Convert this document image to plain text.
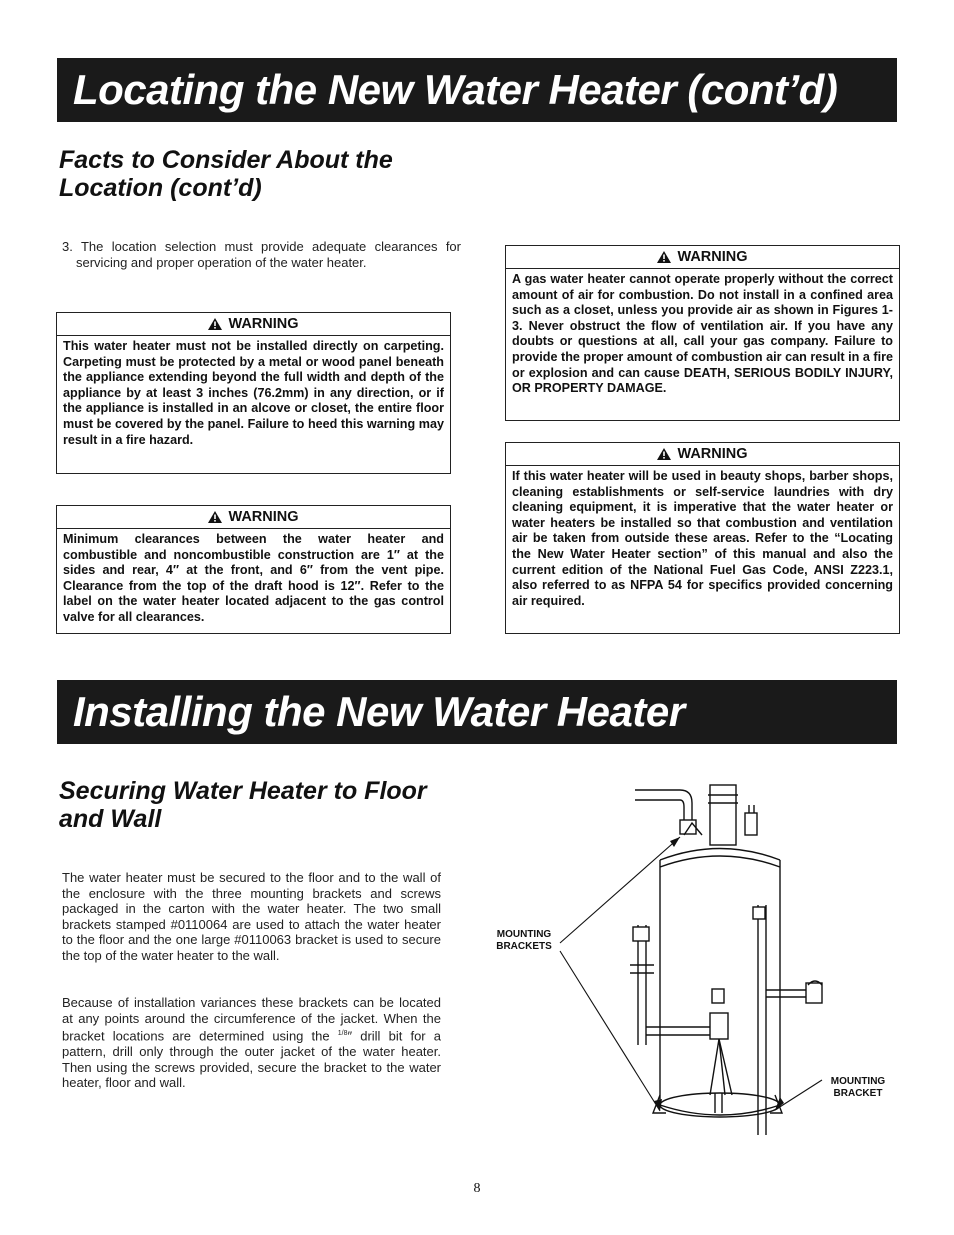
Locating the New Water Heater (cont’d)
Facts to Consider About the
Location (cont’d)
3. The location selection must provide adequate clearances for servicing and proper operation of the water heater.
WARNING
This water heater must not be installed directly on carpeting. Carpeting must be protected by a metal or wood panel beneath the appliance extending beyond the full width and depth of the appliance by at least 3 inches (76.2mm) in any direction, or if the appliance is installed in an alcove or closet, the entire floor must be covered by the panel. Failure to heed this warning may result in a fire hazard.
WARNING
Minimum clearances between the water heater and combustible and noncombustible construction are 1″ at the sides and rear, 4″ at the front, and 6″ from the vent pipe. Clearance from the top of the draft hood is 12″. Refer to the label on the water heater located adjacent to the gas control valve for all clearances.
WARNING
A gas water heater cannot operate properly without the correct amount of air for combustion. Do not install in a confined area such as a closet, unless you provide air as shown in Figures 1-3. Never obstruct the flow of ventilation air. If you have any doubts or questions at all, call your gas company. Failure to provide the proper amount of combustion air can result in a fire or explosion and can cause DEATH, SERIOUS BODILY INJURY, OR PROPERTY DAMAGE.
WARNING
If this water heater will be used in beauty shops, barber shops, cleaning establishments or self-service laundries with dry cleaning equipment, it is imperative that the water heater or water heaters be installed so that combustion and ventilation air be taken from outside these areas. Refer to the “Locating the New Water Heater section” of this manual and also the current edition of the National Fuel Gas Code, ANSI Z223.1, also referred to as NFPA 54 for specifics provided concerning air required.
Installing the New Water Heater
Securing Water Heater to Floor
and Wall
The water heater must be secured to the floor and to the wall of the enclosure with the three mounting brackets and screws packaged in the carton with the water heater. The two small brackets stamped #0110064 are used to attach the water heater to the floor and the one large #0110063 bracket is used to secure the top of the water heater to the wall.
Because of installation variances these brackets can be located at any points around the circumference of the jacket. When the bracket locations are determined using the $^{1/8}$″ drill bit for a pattern, drill only through the outer jacket of the water heater. Then using the screws provided, secure the bracket to the water heater, floor and wall.
MOUNTING
BRACKETS
MOUNTING
BRACKET
8
